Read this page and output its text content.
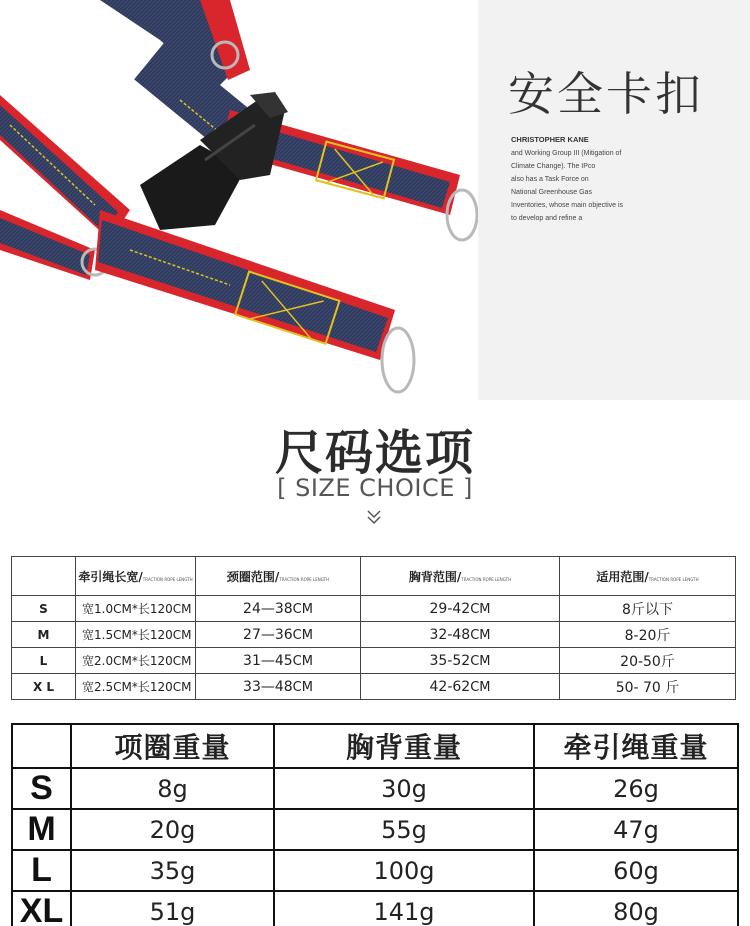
安全卡扣
CHRISTOPHER KANE
and Working Group III (Mitigation of
Climate Change). The IPco
also has a Task Force on
National Greenhouse Gas
Inventories, whose main objective is
to develop and refine a
尺码选项
[ SIZE CHOICE ]
	牵引绳长宽/TRACTION ROPE LENGTH	颈圈范围/TRACTION ROPE LENGTH	胸背范围/TRACTION ROPE LENGTH	适用范围/TRACTION ROPE LENGTH
S	宽1.0CM*长120CM	24—38CM	29-42CM	8斤以下
M	宽1.5CM*长120CM	27—36CM	32-48CM	8-20斤
L	宽2.0CM*长120CM	31—45CM	35-52CM	20-50斤
X L	宽2.5CM*长120CM	33—48CM	42-62CM	50- 70 斤
	项圈重量	胸背重量	牵引绳重量
S	8g	30g	26g
M	20g	55g	47g
L	35g	100g	60g
XL	51g	141g	80g
